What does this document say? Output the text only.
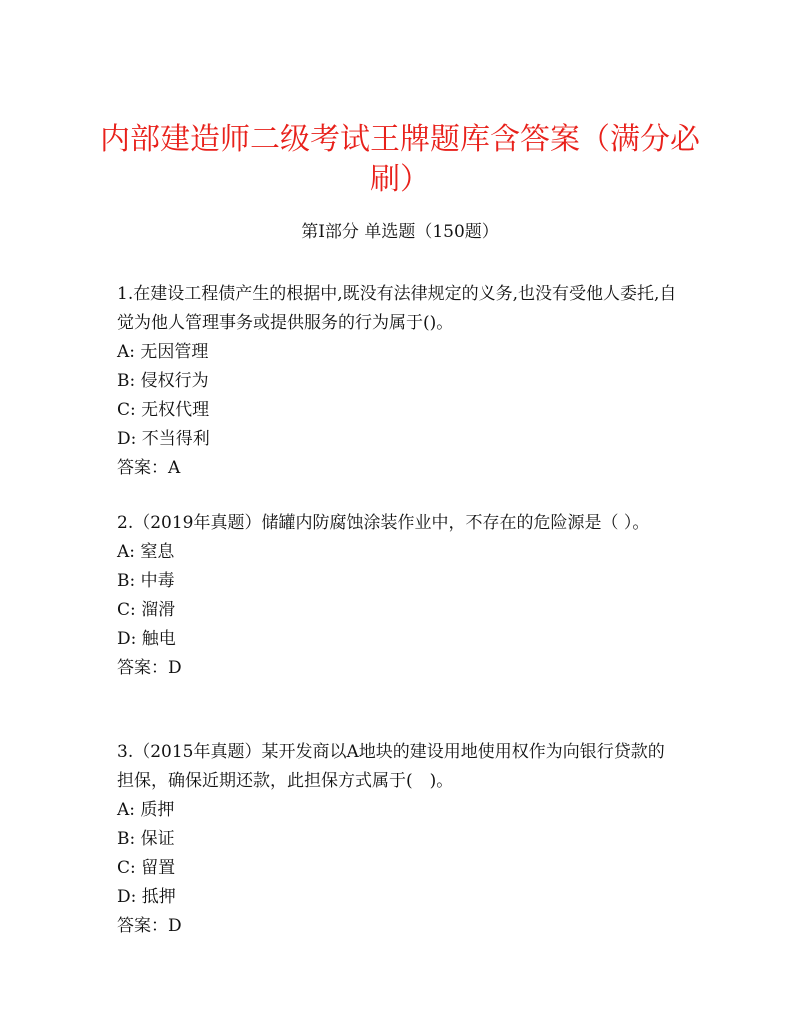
内部建造师二级考试王牌题库含答案（满分必刷）
第I部分 单选题（150题）

1.在建设工程债产生的根据中,既没有法律规定的义务,也没有受他人委托,自觉为他人管理事务或提供服务的行为属于()。

A: 无因管理

B: 侵权行为

C: 无权代理

D: 不当得利

答案：A

2.（2019年真题）储罐内防腐蚀涂装作业中，不存在的危险源是（ ）。

A: 窒息

B: 中毒

C: 溜滑

D: 触电

答案：D

3.（2015年真题）某开发商以A地块的建设用地使用权作为向银行贷款的担保，确保近期还款，此担保方式属于(　)。

A: 质押

B: 保证

C: 留置

D: 抵押

答案：D
